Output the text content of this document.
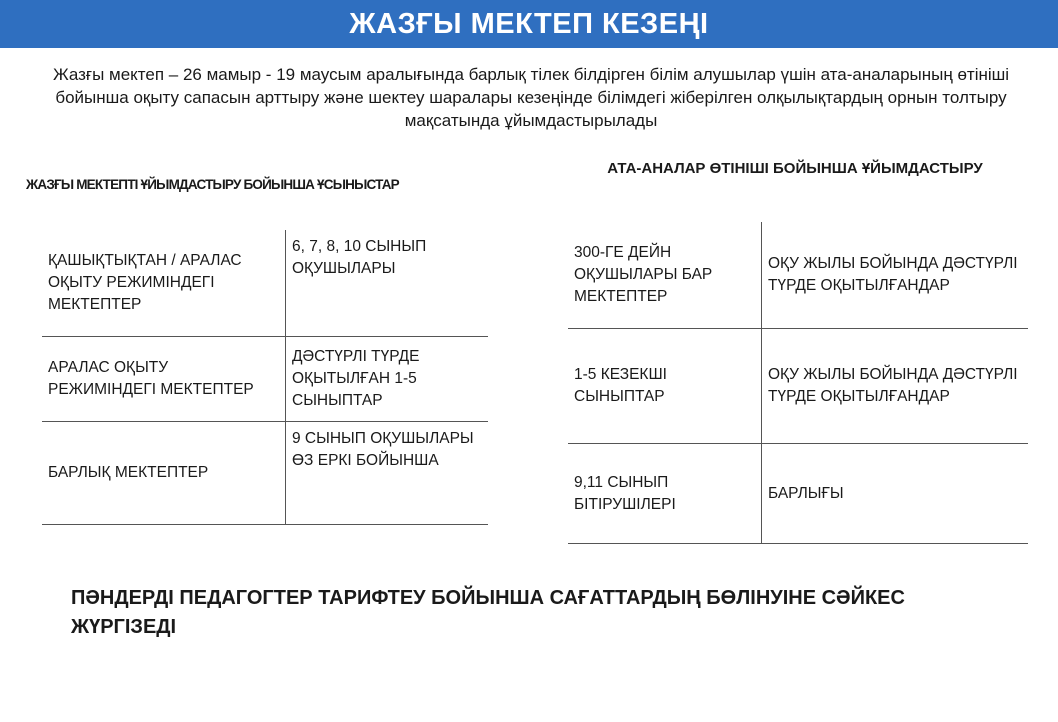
ЖАЗҒЫ МЕКТЕП КЕЗЕҢІ
Жазғы мектеп – 26 мамыр - 19 маусым аралығында барлық тілек білдірген білім алушылар үшін ата-аналарының өтініші бойынша оқыту сапасын арттыру және шектеу шаралары кезеңінде білімдегі жіберілген олқылықтардың орнын толтыру мақсатында ұйымдастырылады
ЖАЗҒЫ МЕКТЕПТІ ҰЙЫМДАСТЫРУ БОЙЫНША ҰСЫНЫСТАР
ҚАШЫҚТЫҚТАН / АРАЛАС ОҚЫТУ РЕЖИМІНДЕГІ МЕКТЕПТЕР	6, 7, 8, 10 СЫНЫП ОҚУШЫЛАРЫ
АРАЛАС ОҚЫТУ РЕЖИМІНДЕГІ МЕКТЕПТЕР	ДӘСТҮРЛІ ТҮРДЕ ОҚЫТЫЛҒАН 1-5 СЫНЫПТАР
БАРЛЫҚ МЕКТЕПТЕР	9 СЫНЫП ОҚУШЫЛАРЫ ӨЗ ЕРКІ БОЙЫНША
АТА-АНАЛАР ӨТІНІШІ БОЙЫНША ҰЙЫМДАСТЫРУ
300-ГЕ ДЕЙН ОҚУШЫЛАРЫ БАР МЕКТЕПТЕР	ОҚУ ЖЫЛЫ БОЙЫНДА ДӘСТҮРЛІ ТҮРДЕ ОҚЫТЫЛҒАНДАР
1-5 КЕЗЕКШІ СЫНЫПТАР	ОҚУ ЖЫЛЫ БОЙЫНДА ДӘСТҮРЛІ ТҮРДЕ ОҚЫТЫЛҒАНДАР
9,11 СЫНЫП БІТІРУШІЛЕРІ	БАРЛЫҒЫ
ПӘНДЕРДІ ПЕДАГОГТЕР ТАРИФТЕУ БОЙЫНША САҒАТТАРДЫҢ БӨЛІНУІНЕ СӘЙКЕС ЖҮРГІЗЕДІ
